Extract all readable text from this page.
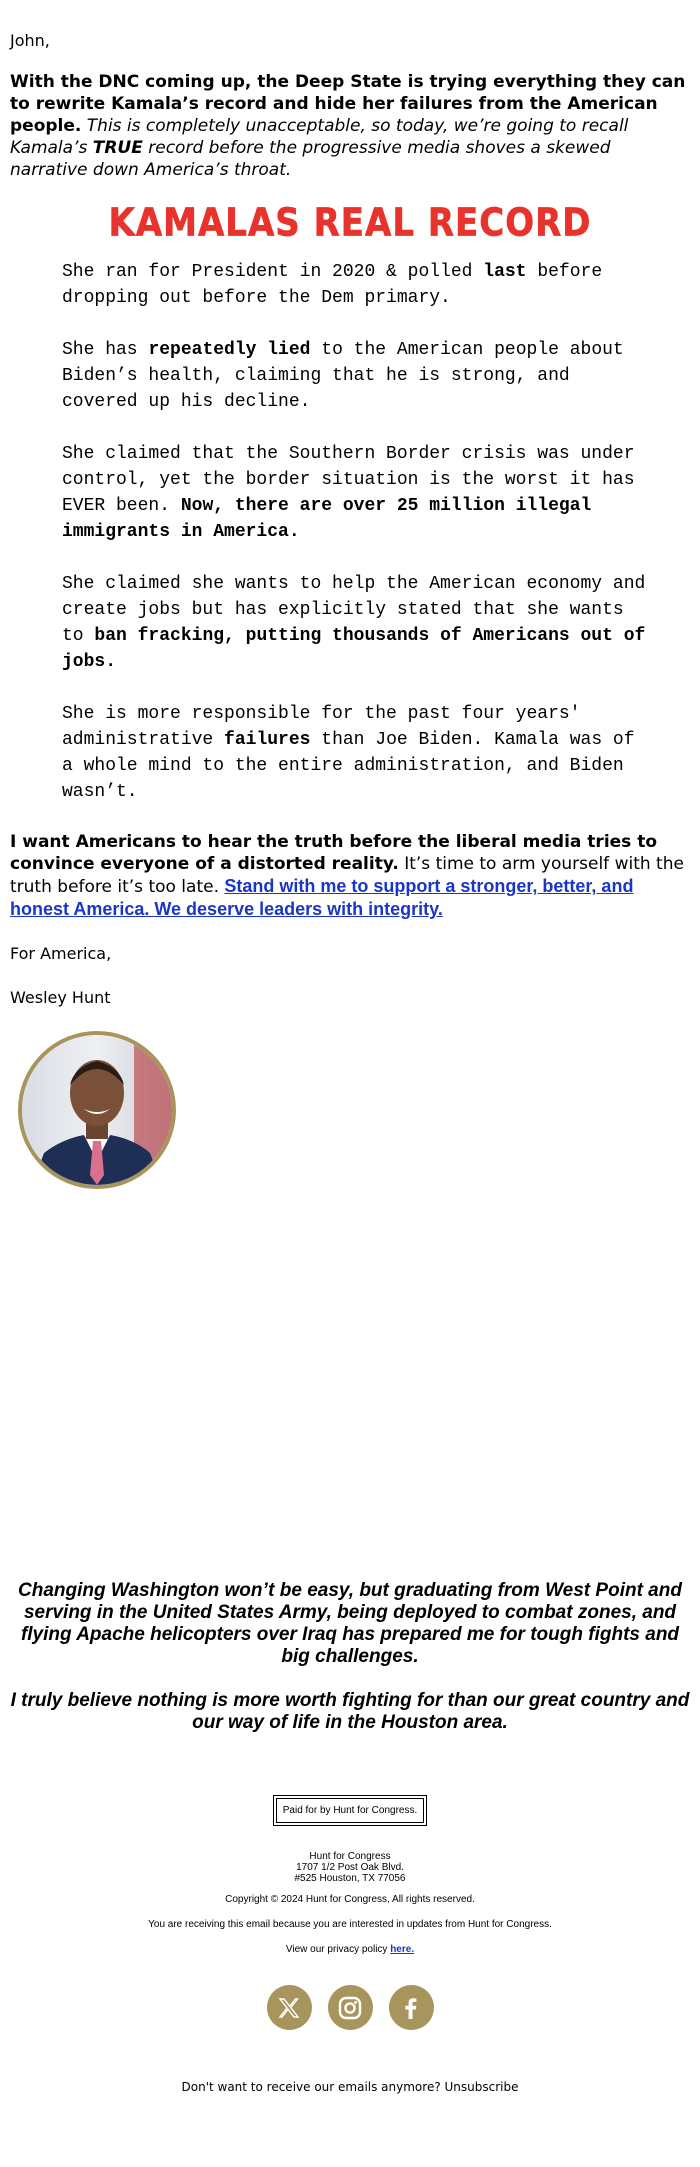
John,

With the DNC coming up, the Deep State is trying everything they can to rewrite Kamala’s record and hide her failures from the American people. This is completely unacceptable, so today, we’re going to recall Kamala’s TRUE record before the progressive media shoves a skewed narrative down America’s throat.

KAMALAS REAL RECORD

She ran for President in 2020 & polled last before dropping out before the Dem primary.

She has repeatedly lied to the American people about Biden’s health, claiming that he is strong, and covered up his decline.

She claimed that the Southern Border crisis was under control, yet the border situation is the worst it has EVER been. Now, there are over 25 million illegal immigrants in America.

She claimed she wants to help the American economy and create jobs but has explicitly stated that she wants to ban fracking, putting thousands of Americans out of jobs.

She is more responsible for the past four years' administrative failures than Joe Biden. Kamala was of a whole mind to the entire administration, and Biden wasn’t.

I want Americans to hear the truth before the liberal media tries to convince everyone of a distorted reality. It’s time to arm yourself with the truth before it’s too late. Stand with me to support a stronger, better, and honest America. We deserve leaders with integrity.

For America,

Wesley Hunt

Changing Washington won’t be easy, but graduating from West Point and serving in the United States Army, being deployed to combat zones, and flying Apache helicopters over Iraq has prepared me for tough fights and big challenges.

I truly believe nothing is more worth fighting for than our great country and our way of life in the Houston area.

Paid for by Hunt for Congress.
Hunt for Congress
1707 1/2 Post Oak Blvd.
#525 Houston, TX 77056
Copyright © 2024 Hunt for Congress, All rights reserved.
You are receiving this email because you are interested in updates from Hunt for Congress.
View our privacy policy here.
Don't want to receive our emails anymore? Unsubscribe
